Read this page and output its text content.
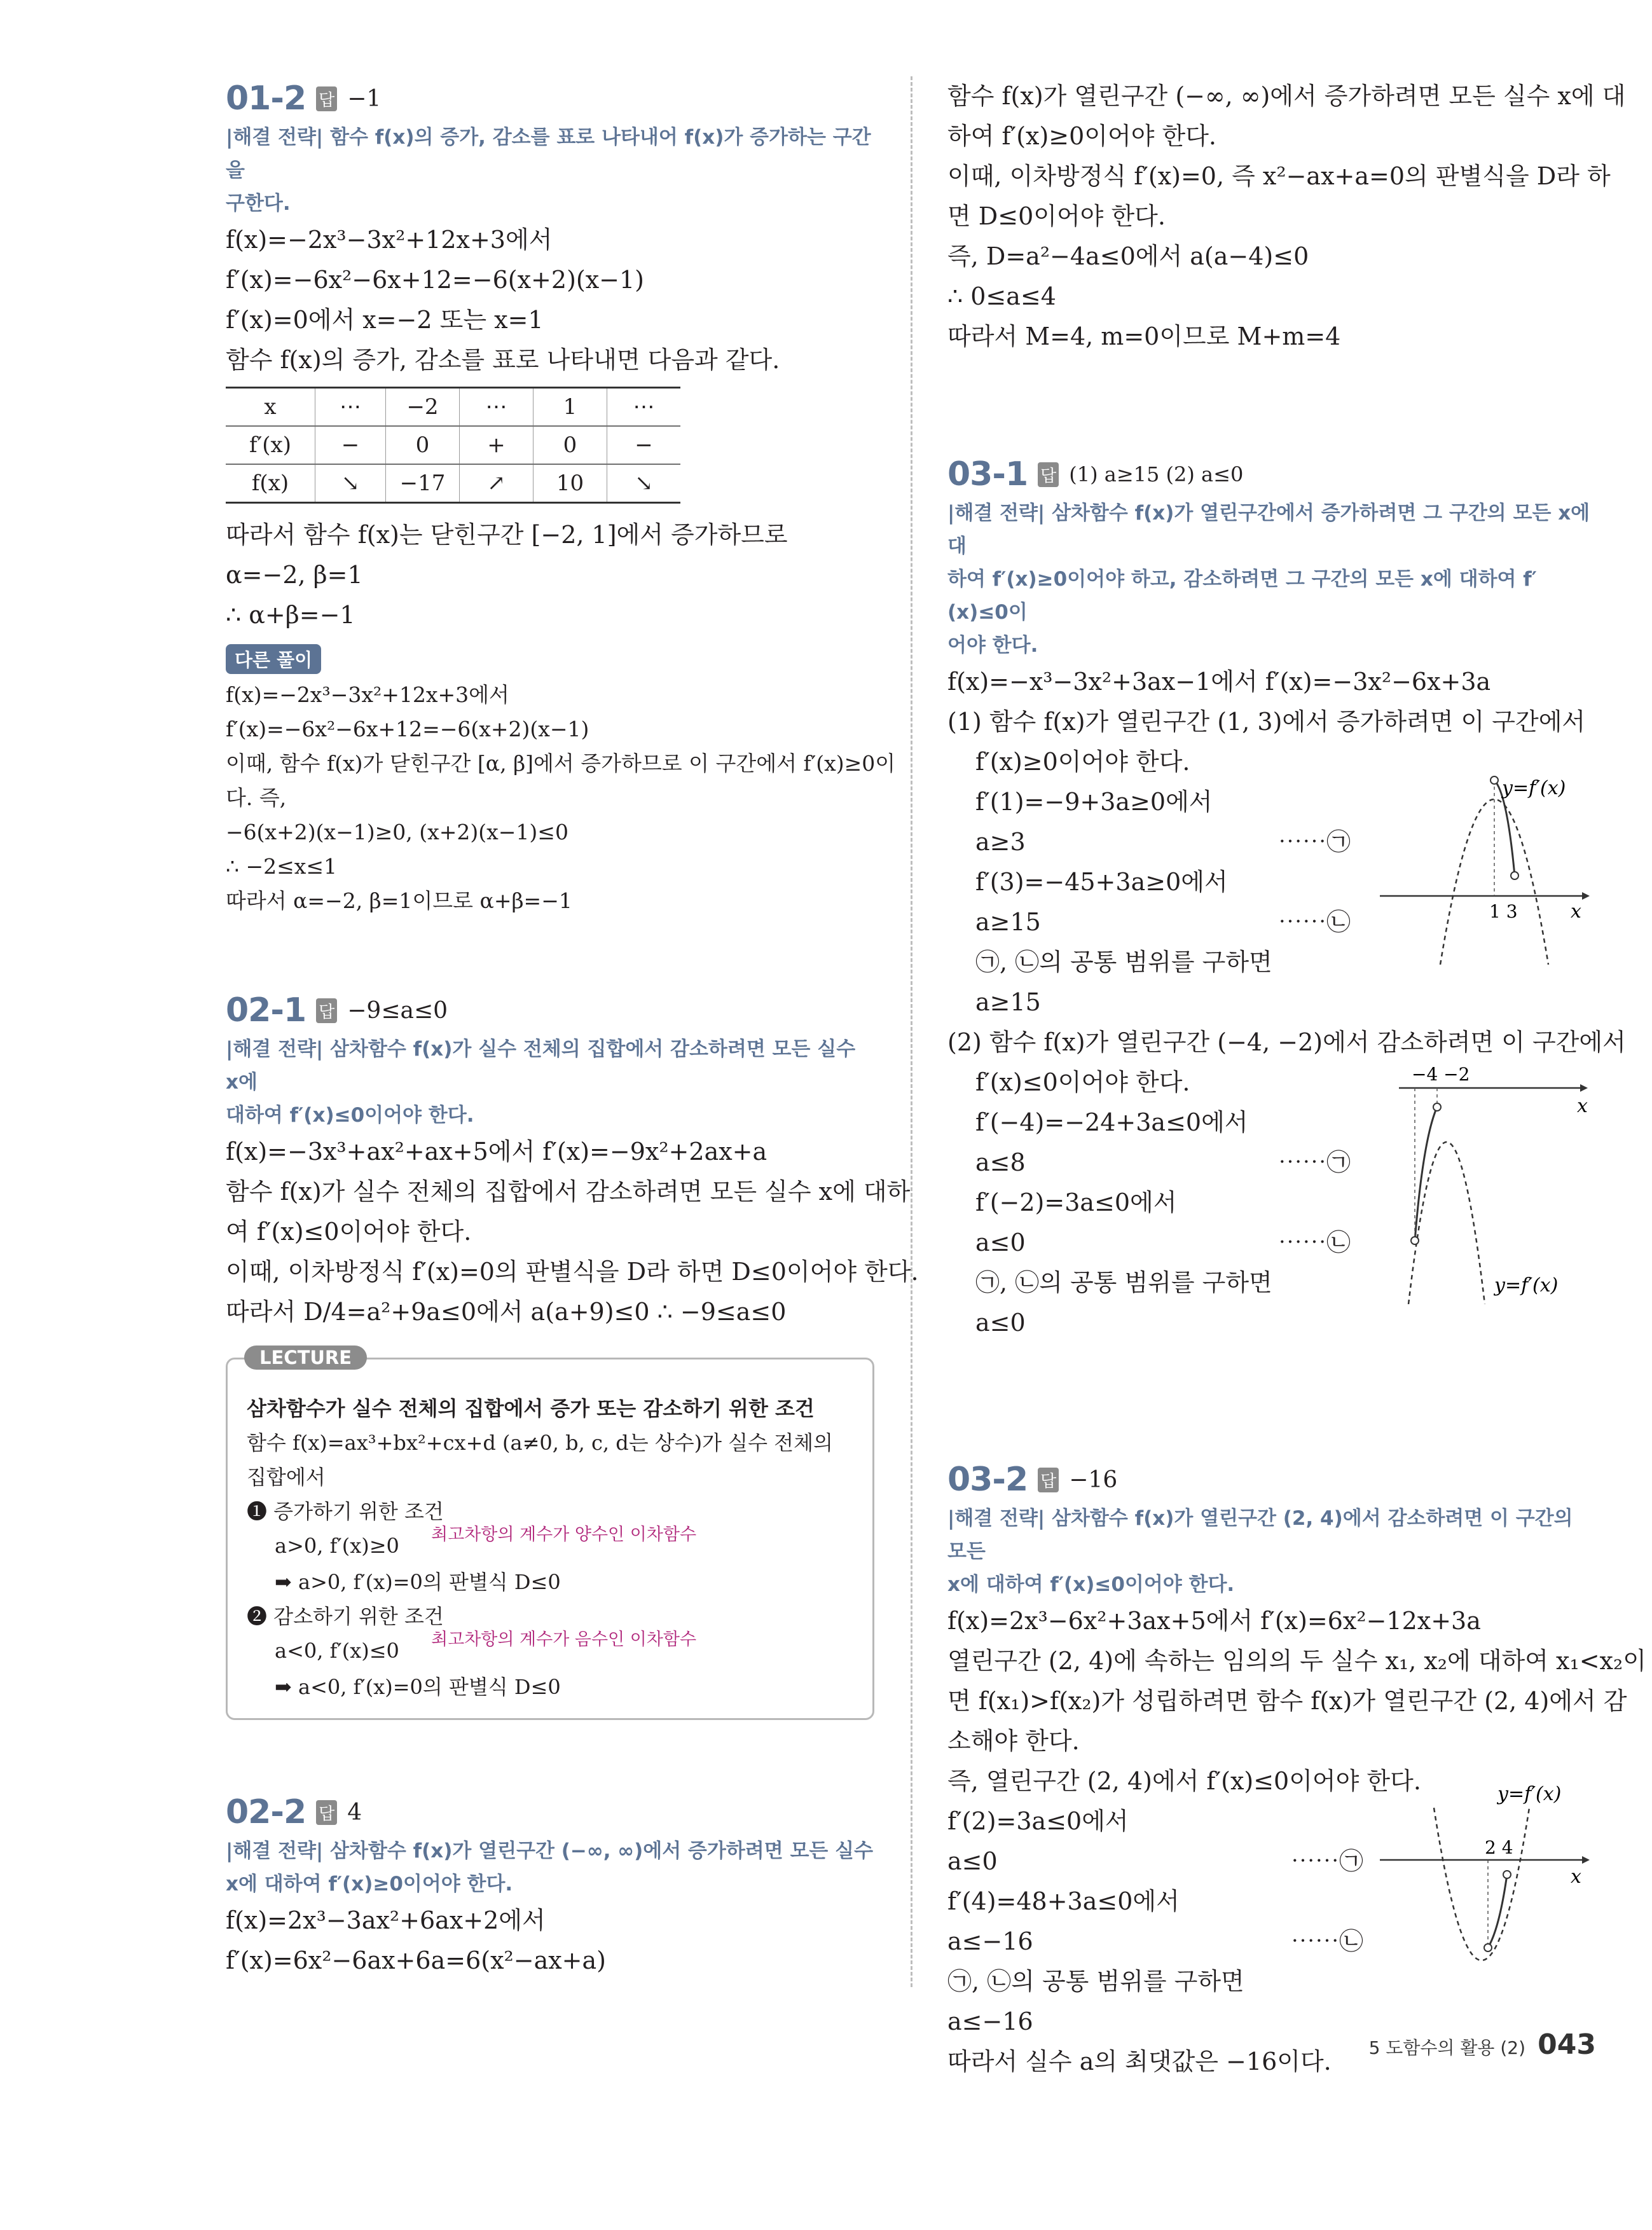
01-2 답 −1
|해결 전략| 함수 f(x)의 증가, 감소를 표로 나타내어 f(x)가 증가하는 구간을
구한다.
f(x)=−2x³−3x²+12x+3에서
f′(x)=−6x²−6x+12=−6(x+2)(x−1)
f′(x)=0에서 x=−2 또는 x=1
함수 f(x)의 증가, 감소를 표로 나타내면 다음과 같다.
x	⋯	−2	⋯	1	⋯
f′(x)	−	0	+	0	−
f(x)	↘	−17	↗	10	↘
따라서 함수 f(x)는 닫힌구간 [−2, 1]에서 증가하므로
α=−2, β=1
∴ α+β=−1
다른 풀이
f(x)=−2x³−3x²+12x+3에서
f′(x)=−6x²−6x+12=−6(x+2)(x−1)
이때, 함수 f(x)가 닫힌구간 [α, β]에서 증가하므로 이 구간에서 f′(x)≥0이
다. 즉,
−6(x+2)(x−1)≥0, (x+2)(x−1)≤0
∴ −2≤x≤1
따라서 α=−2, β=1이므로 α+β=−1
02-1 답 −9≤a≤0
|해결 전략| 삼차함수 f(x)가 실수 전체의 집합에서 감소하려면 모든 실수 x에
대하여 f′(x)≤0이어야 한다.
f(x)=−3x³+ax²+ax+5에서 f′(x)=−9x²+2ax+a
함수 f(x)가 실수 전체의 집합에서 감소하려면 모든 실수 x에 대하
여 f′(x)≤0이어야 한다.
이때, 이차방정식 f′(x)=0의 판별식을 D라 하면 D≤0이어야 한다.
따라서 D/4=a²+9a≤0에서 a(a+9)≤0 ∴ −9≤a≤0
LECTURE
삼차함수가 실수 전체의 집합에서 증가 또는 감소하기 위한 조건
함수 f(x)=ax³+bx²+cx+d (a≠0, b, c, d는 상수)가 실수 전체의
집합에서
❶ 증가하기 위한 조건
a>0, f′(x)≥0 $^{최고차항의 계수가 양수인 이차함수}$
➡ a>0, f′(x)=0의 판별식 D≤0
❷ 감소하기 위한 조건
a<0, f′(x)≤0 $^{최고차항의 계수가 음수인 이차함수}$
➡ a<0, f′(x)=0의 판별식 D≤0
02-2 답 4
|해결 전략| 삼차함수 f(x)가 열린구간 (−∞, ∞)에서 증가하려면 모든 실수
x에 대하여 f′(x)≥0이어야 한다.
f(x)=2x³−3ax²+6ax+2에서
f′(x)=6x²−6ax+6a=6(x²−ax+a)
함수 f(x)가 열린구간 (−∞, ∞)에서 증가하려면 모든 실수 x에 대
하여 f′(x)≥0이어야 한다.
이때, 이차방정식 f′(x)=0, 즉 x²−ax+a=0의 판별식을 D라 하
면 D≤0이어야 한다.
즉, D=a²−4a≤0에서 a(a−4)≤0
∴ 0≤a≤4
따라서 M=4, m=0이므로 M+m=4
03-1 답 (1) a≥15 (2) a≤0
|해결 전략| 삼차함수 f(x)가 열린구간에서 증가하려면 그 구간의 모든 x에 대
하여 f′(x)≥0이어야 하고, 감소하려면 그 구간의 모든 x에 대하여 f′(x)≤0이
어야 한다.
f(x)=−x³−3x²+3ax−1에서 f′(x)=−3x²−6x+3a
(1) 함수 f(x)가 열린구간 (1, 3)에서 증가하려면 이 구간에서
f′(x)≥0이어야 한다.
f′(1)=−9+3a≥0에서
a≥3	⋯⋯㉠
f′(3)=−45+3a≥0에서
a≥15	⋯⋯㉡
㉠, ㉡의 공통 범위를 구하면
a≥15
y=f′(x)
1 3	x
(2) 함수 f(x)가 열린구간 (−4, −2)에서 감소하려면 이 구간에서
f′(x)≤0이어야 한다.
f′(−4)=−24+3a≤0에서
a≤8	⋯⋯㉠
f′(−2)=3a≤0에서
a≤0	⋯⋯㉡
㉠, ㉡의 공통 범위를 구하면
a≤0
−4 −2
x
y=f′(x)
03-2 답 −16
|해결 전략| 삼차함수 f(x)가 열린구간 (2, 4)에서 감소하려면 이 구간의 모든
x에 대하여 f′(x)≤0이어야 한다.
f(x)=2x³−6x²+3ax+5에서 f′(x)=6x²−12x+3a
열린구간 (2, 4)에 속하는 임의의 두 실수 x₁, x₂에 대하여 x₁<x₂이
면 f(x₁)>f(x₂)가 성립하려면 함수 f(x)가 열린구간 (2, 4)에서 감
소해야 한다.
즉, 열린구간 (2, 4)에서 f′(x)≤0이어야 한다.
f′(2)=3a≤0에서
a≤0	⋯⋯㉠
f′(4)=48+3a≤0에서
a≤−16	⋯⋯㉡
㉠, ㉡의 공통 범위를 구하면
a≤−16
y=f′(x)
2 4
x
따라서 실수 a의 최댓값은 −16이다.	5 도함수의 활용 (2) 043
